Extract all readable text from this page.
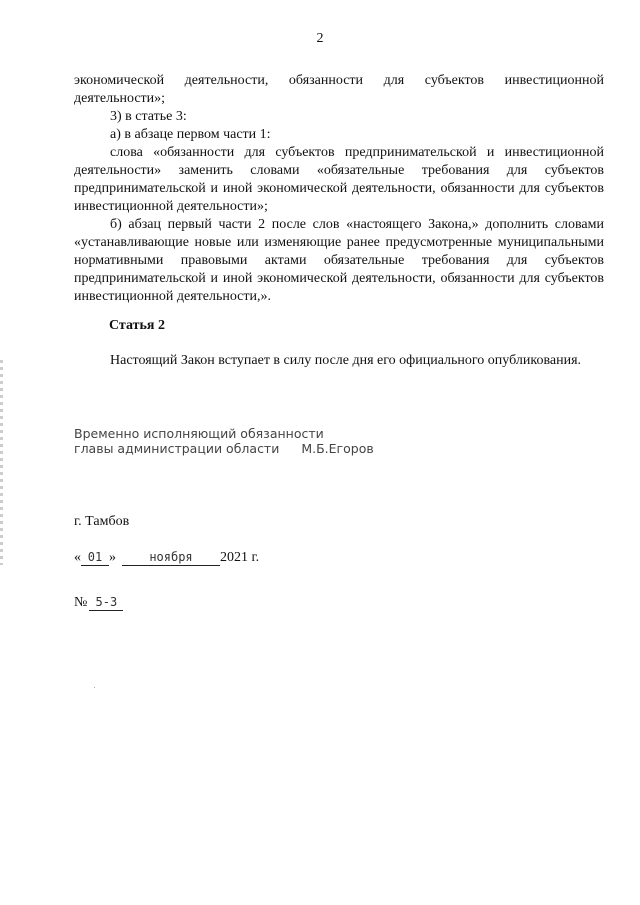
2

экономической деятельности, обязанности для субъектов инвестиционной деятельности»;

3) в статье 3:

а) в абзаце первом части 1:

слова «обязанности для субъектов предпринимательской и инвестиционной деятельности» заменить словами «обязательные требования для субъектов предпринимательской и иной экономической деятельности, обязанности для субъектов инвестиционной деятельности»;

б) абзац первый части 2 после слов «настоящего Закона,» дополнить словами «устанавливающие новые или изменяющие ранее предусмотренные муниципальными нормативными правовыми актами обязательные требования для субъектов предпринимательской и иной экономической деятельности, обязанности для субъектов инвестиционной деятельности,».

Статья 2
Настоящий Закон вступает в силу после дня его официального опубликования.
Временно исполняющий обязанности
главы администрации области М.Б.Егоров
г. Тамбов
« 01 »	ноября	2021 г.
№ 5-З
